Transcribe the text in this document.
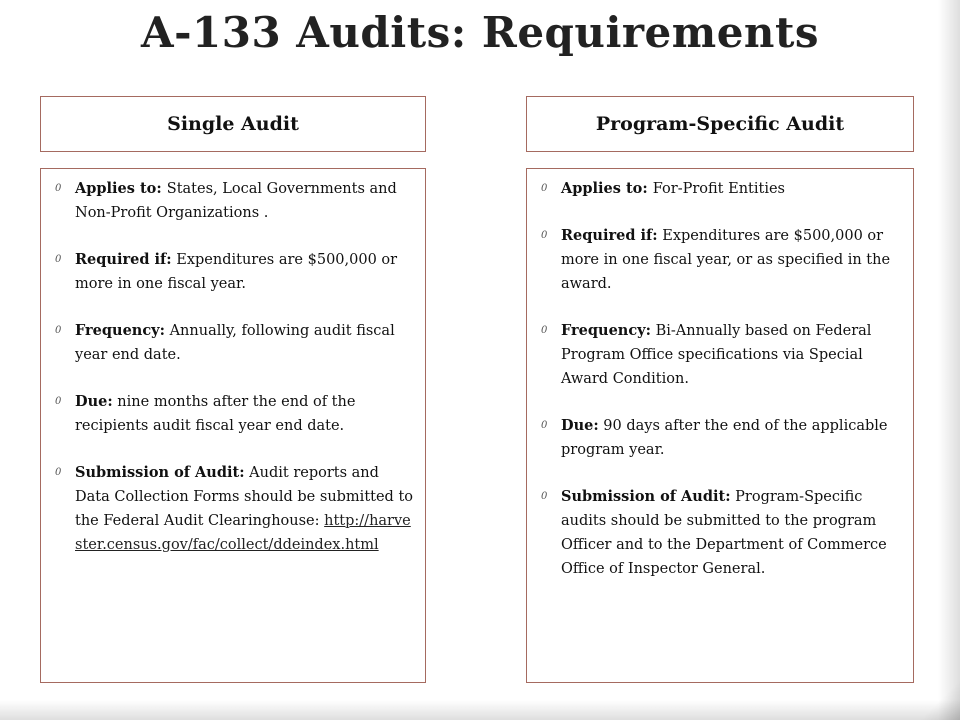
A-133 Audits: Requirements
Single Audit	Program-Specific Audit
0 Applies to: States, Local Governments and Non-Profit Organizations .
0 Required if: Expenditures are $500,000 or more in one fiscal year.
0 Frequency: Annually, following audit fiscal year end date.
0 Due: nine months after the end of the recipients audit fiscal year end date.
0 Submission of Audit: Audit reports and Data Collection Forms should be submitted to the Federal Audit Clearinghouse: http://harvester.census.gov/fac/collect/ddeindex.html
0 Applies to: For-Profit Entities
0 Required if: Expenditures are $500,000 or more in one fiscal year, or as specified in the award.
0 Frequency: Bi-Annually based on Federal Program Office specifications via Special Award Condition.
0 Due: 90 days after the end of the applicable program year.
0 Submission of Audit: Program-Specific audits should be submitted to the program Officer and to the Department of Commerce Office of Inspector General.
